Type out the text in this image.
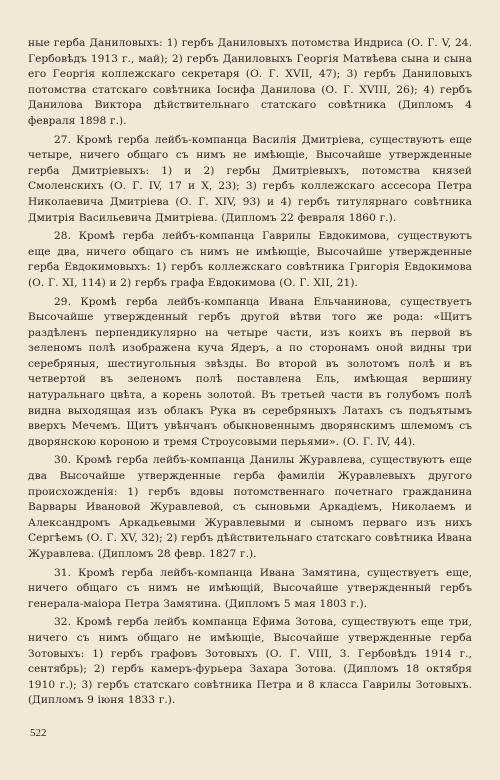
ные герба Даниловыхъ: 1) гербъ Даниловыхъ потомства Индриса (О. Г. V, 24. Гербовѣдъ 1913 г., май); 2) гербъ Даниловыхъ Георгія Матвѣева сына и сына его Георгія коллежскаго секретаря (О. Г. XVII, 47); 3) гербъ Даниловыхъ потомства статскаго совѣтника Іосифа Данилова (О. Г. XVIII, 26); 4) гербъ Данилова Виктора дѣйствительнаго статскаго совѣтника (Дипломъ 4 февраля 1898 г.).

27. Кромѣ герба лейбъ-компанца Василія Дмитріева, существуютъ еще четыре, ничего общаго съ нимъ не имѣющіе, Высочайше утвержденные герба Дмитріевыхъ: 1) и 2) гербы Дмитріевыхъ, потомства князей Смоленскихъ (О. Г. IV, 17 и X, 23); 3) гербъ коллежскаго ассесора Петра Николаевича Дмитріева (О. Г. XIV, 93) и 4) гербъ титулярнаго совѣтника Дмитрія Васильевича Дмитріева. (Дипломъ 22 февраля 1860 г.).

28. Кромѣ герба лейбъ-компанца Гаврилы Евдокимова, существуютъ еще два, ничего общаго съ нимъ не имѣющіе, Высочайше утвержденные герба Евдокимовыхъ: 1) гербъ коллежскаго совѣтника Григорія Евдокимова (О. Г. XI, 114) и 2) гербъ графа Евдокимова (О. Г. XII, 21).

29. Кромѣ герба лейбъ-компанца Ивана Ельчанинова, существуетъ Высочайше утвержденный гербъ другой вѣтви того же рода: «Щитъ раздѣленъ перпендикулярно на четыре части, изъ коихъ въ первой въ зеленомъ полѣ изображена куча Ядеръ, а по сторонамъ оной видны три серебряныя, шестиугольныя звѣзды. Во второй въ золотомъ полѣ и въ четвертой въ зеленомъ полѣ поставлена Ель, имѣющая вершину натуральнаго цвѣта, а корень золотой. Въ третьей части въ голубомъ полѣ видна выходящая изъ облакъ Рука въ серебряныхъ Латахъ съ подъятымъ вверхъ Мечемъ. Щитъ увѣнчанъ обыкновеннымъ дворянскимъ шлемомъ съ дворянскою короною и тремя Строусовыми перьями». (О. Г. IV, 44).

30. Кромѣ герба лейбъ-компанца Данилы Журавлева, существуютъ еще два Высочайше утвержденные герба фамиліи Журавлевыхъ другого происхожденія: 1) гербъ вдовы потомственнаго почетнаго гражданина Варвары Ивановой Журавлевой, съ сыновьми Аркадіемъ, Николаемъ и Александромъ Аркадьевыми Журавлевыми и сыномъ перваго изъ нихъ Сергѣемъ (О. Г. XV, 32); 2) гербъ дѣйствительнаго статскаго совѣтника Ивана Журавлева. (Дипломъ 28 февр. 1827 г.).

31. Кромѣ герба лейбъ-компанца Ивана Замятина, существуетъ еще, ничего общаго съ нимъ не имѣющій, Высочайше утвержденный гербъ генерала-маіора Петра Замятина. (Дипломъ 5 мая 1803 г.).

32. Кромѣ герба лейбъ компанца Ефима Зотова, существуютъ еще три, ничего съ нимъ общаго не имѣющіе, Высочайше утвержденные герба Зотовыхъ: 1) гербъ графовъ Зотовыхъ (О. Г. VIII, 3. Гербовѣдъ 1914 г., сентябрь); 2) гербъ камеръ-фурьера Захара Зотова. (Дипломъ 18 октября 1910 г.); 3) гербъ статскаго совѣтника Петра и 8 класса Гаврилы Зотовыхъ. (Дипломъ 9 іюня 1833 г.).

522
